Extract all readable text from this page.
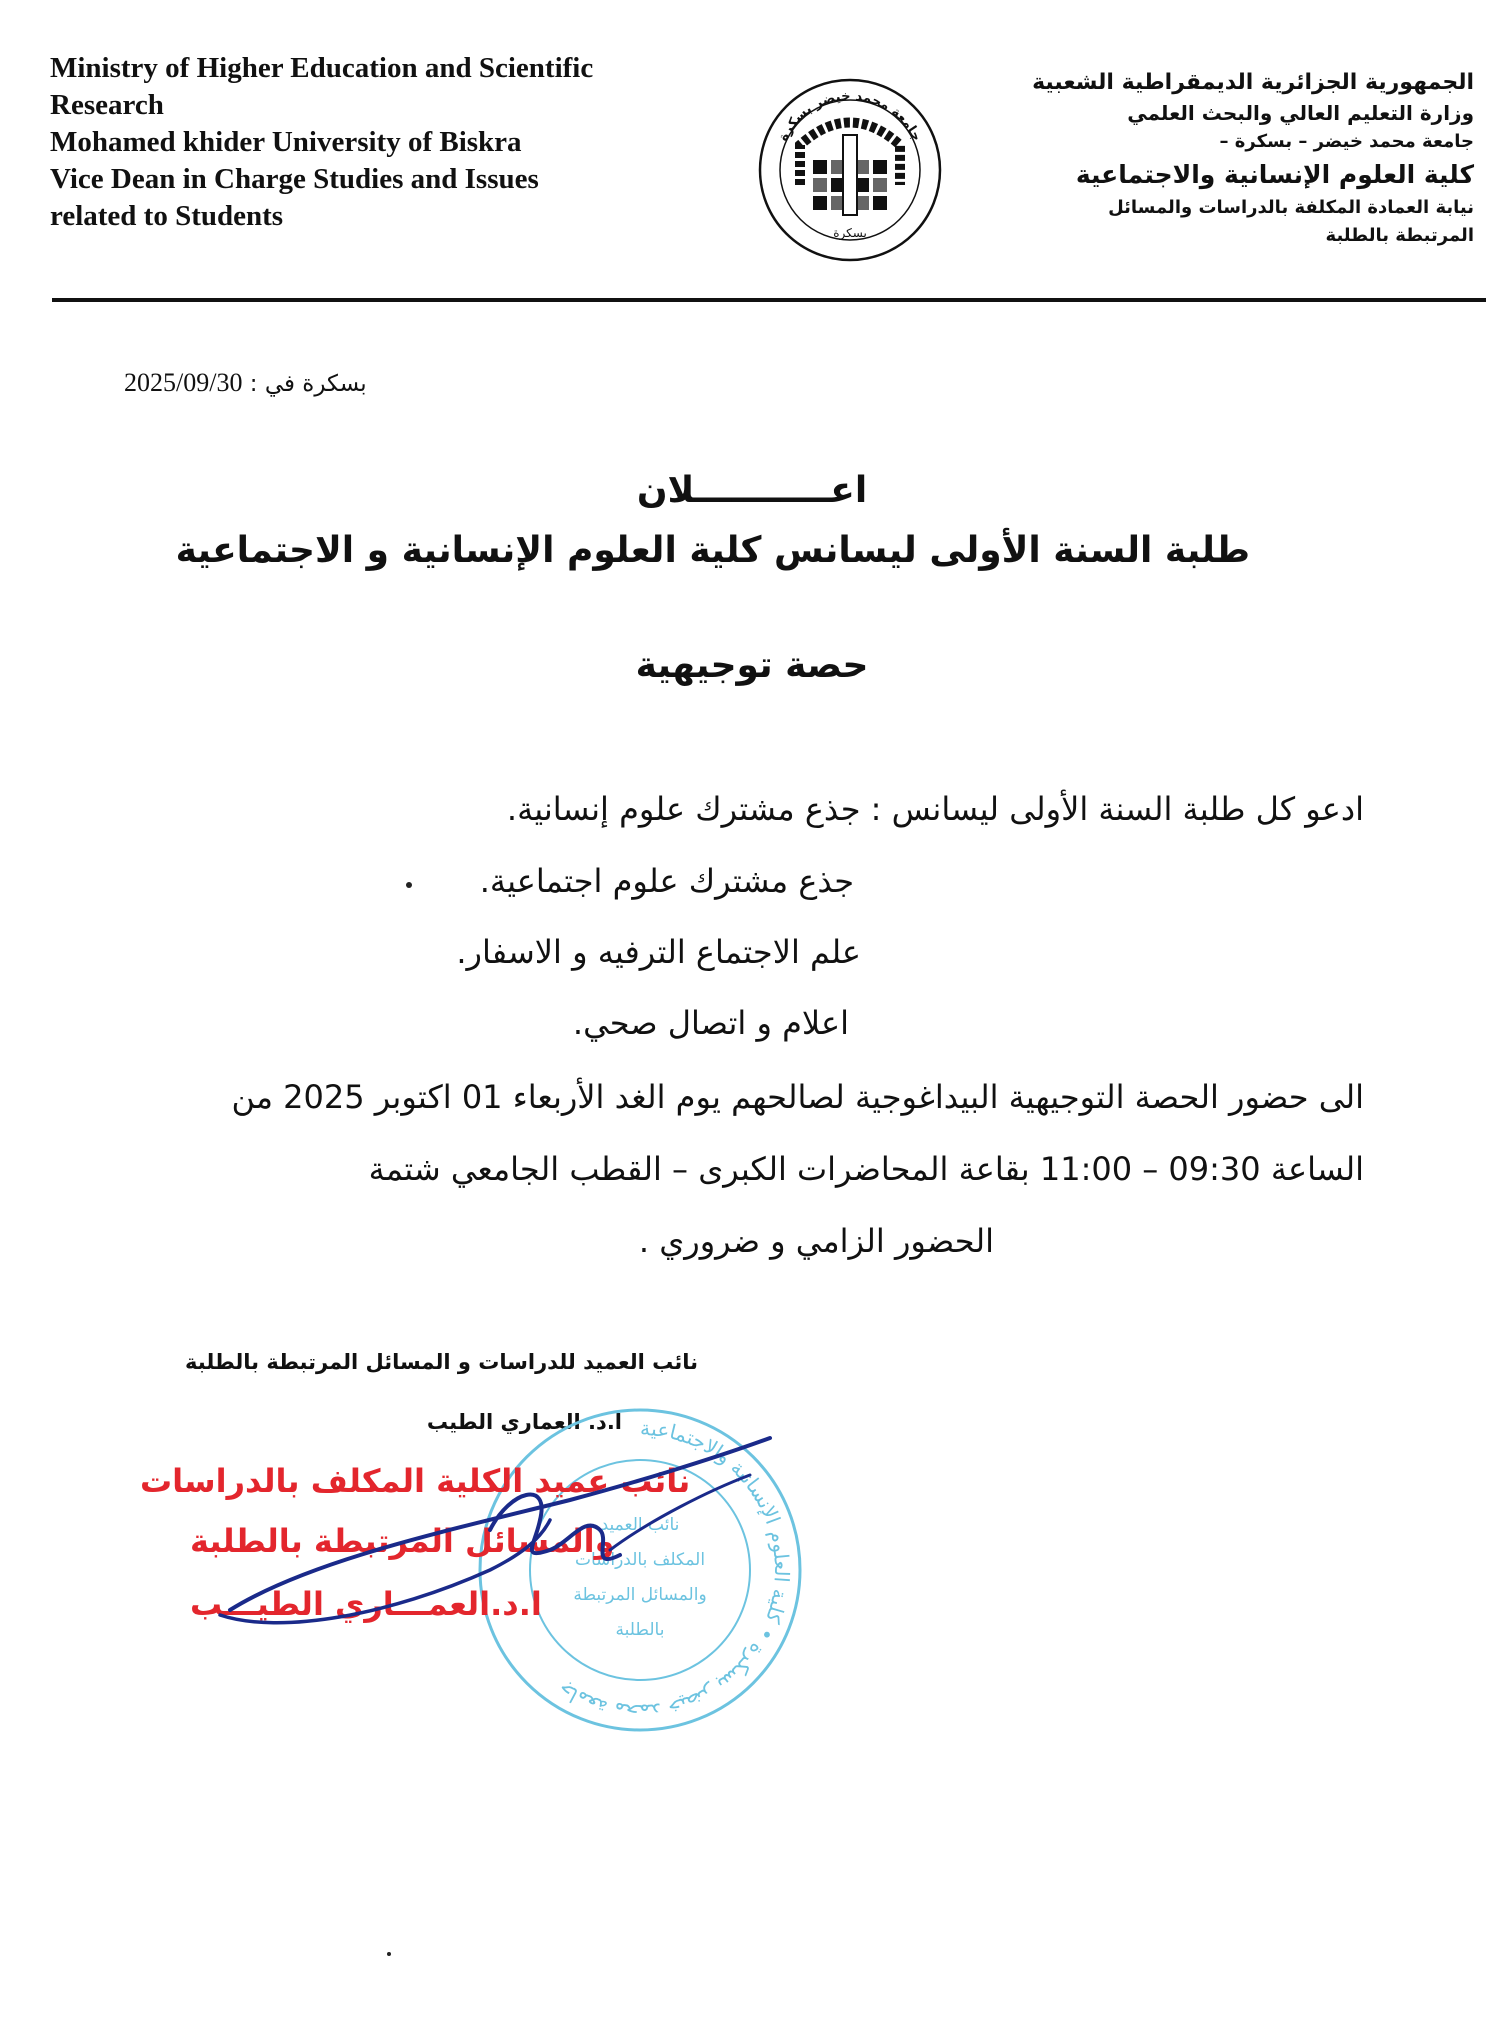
Ministry of Higher Education and Scientific
Research
Mohamed khider University of Biskra
Vice Dean in Charge Studies and Issues
related to Students
جامعة محمد خيضر بسكرة
بسكرة
الجمهورية الجزائرية الديمقراطية الشعبية
وزارة التعليم العالي والبحث العلمي
جامعة محمد خيضر – بسكرة –
كلية العلوم الإنسانية والاجتماعية
نيابة العمادة المكلفة بالدراسات والمسائل
المرتبطة بالطلبة
بسكرة في : 2025/09/30
اعـــــــــــلان
طلبة السنة الأولى ليسانس كلية العلوم الإنسانية و الاجتماعية
حصة توجيهية
ادعو كل طلبة السنة الأولى ليسانس : جذع مشترك علوم إنسانية.
جذع مشترك علوم اجتماعية.
علم الاجتماع الترفيه و الاسفار.
اعلام و اتصال صحي.
الى حضور الحصة التوجيهية البيداغوجية لصالحهم يوم الغد الأربعاء 01 اكتوبر 2025 من
الساعة 09:30 – 11:00 بقاعة المحاضرات الكبرى – القطب الجامعي شتمة
الحضور الزامي و ضروري .
نائب العميد للدراسات و المسائل المرتبطة بالطلبة
ا.د. العماري الطيب جامعة محمد خيضر بسكرة • كلية العلوم الإنسانية والاجتماعية
نائب العميد
المكلف بالدراسات
والمسائل المرتبطة
بالطلبة
نائب عميد الكلية المكلف بالدراسات
والمسائل المرتبطة بالطلبة
ا.د.العمـــاري الطيـــب
